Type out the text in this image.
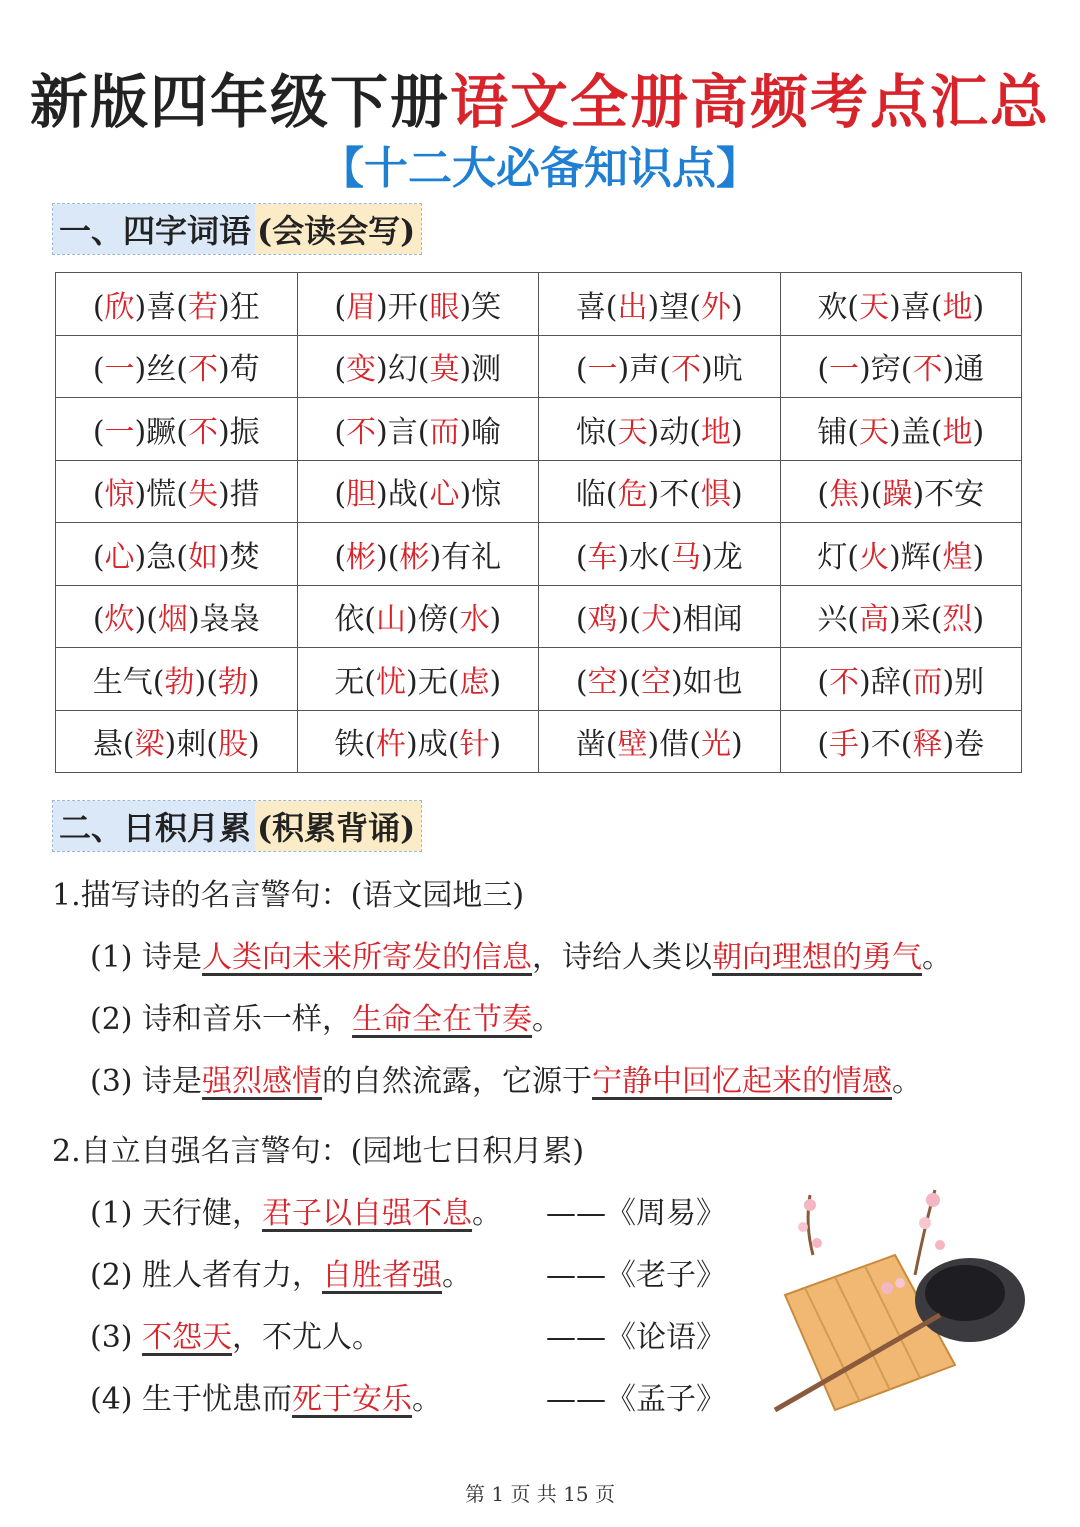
新版四年级下册语文全册高频考点汇总
【十二大必备知识点】
一、四字词语 (会读会写)
(欣)喜(若)狂	(眉)开(眼)笑	喜(出)望(外)	欢(天)喜(地)
(一)丝(不)苟	(变)幻(莫)测	(一)声(不)吭	(一)窍(不)通
(一)蹶(不)振	(不)言(而)喻	惊(天)动(地)	铺(天)盖(地)
(惊)慌(失)措	(胆)战(心)惊	临(危)不(惧)	(焦)(躁)不安
(心)急(如)焚	(彬)(彬)有礼	(车)水(马)龙	灯(火)辉(煌)
(炊)(烟)袅袅	依(山)傍(水)	(鸡)(犬)相闻	兴(高)采(烈)
生气(勃)(勃)	无(忧)无(虑)	(空)(空)如也	(不)辞(而)别
悬(梁)刺(股)	铁(杵)成(针)	凿(壁)借(光)	(手)不(释)卷
二、日积月累 (积累背诵)
1.描写诗的名言警句：(语文园地三)
(1) 诗是人类向未来所寄发的信息，诗给人类以朝向理想的勇气。
(2) 诗和音乐一样，生命全在节奏。
(3) 诗是强烈感情的自然流露，它源于宁静中回忆起来的情感。
2.自立自强名言警句：(园地七日积月累)
(1) 天行健，君子以自强不息。 ——《周易》
(2) 胜人者有力，自胜者强。 ——《老子》
(3) 不怨天，不尤人。	——《论语》
(4) 生于忧患而死于安乐。	——《孟子》
第 1 页 共 15 页
